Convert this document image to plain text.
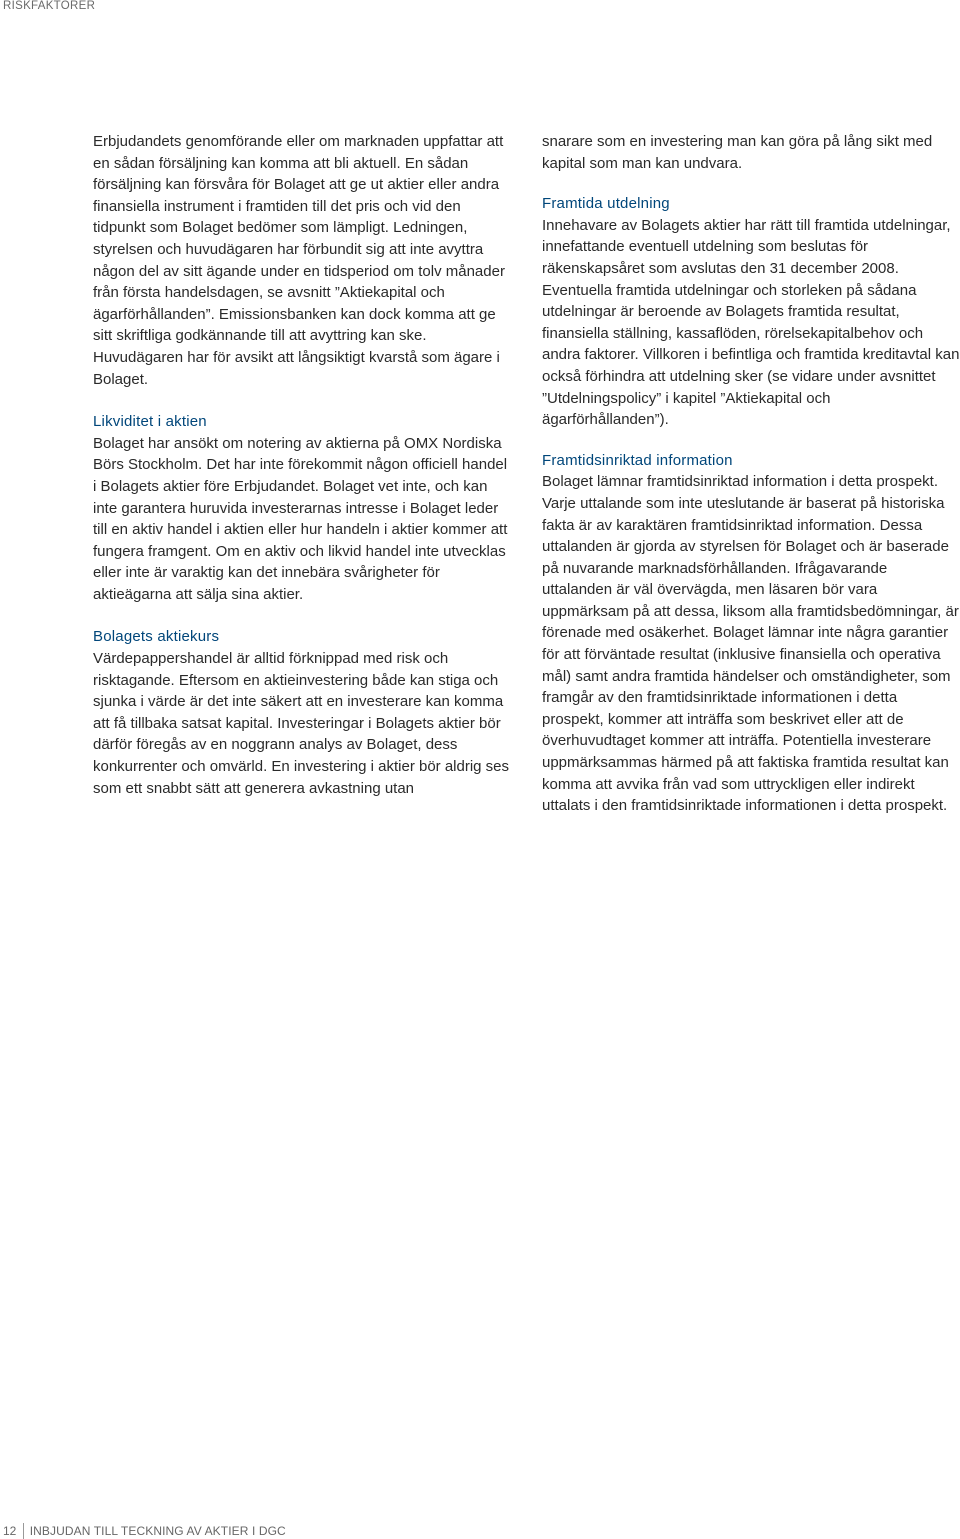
RISKFAKTORER

Erbjudandets genomförande eller om marknaden uppfattar att en sådan försäljning kan komma att bli aktuell. En sådan försäljning kan försvåra för Bolaget att ge ut aktier eller andra finansiella instrument i framtiden till det pris och vid den tidpunkt som Bolaget bedömer som lämpligt. Ledningen, styrelsen och huvudägaren har förbundit sig att inte avyttra någon del av sitt ägande under en tidsperiod om tolv månader från första handelsdagen, se avsnitt ”Aktiekapital och ägarförhållanden”. Emissionsbanken kan dock komma att ge sitt skriftliga godkännande till att avyttring kan ske. Huvudägaren har för avsikt att långsiktigt kvarstå som ägare i Bolaget.

Likviditet i aktien

Bolaget har ansökt om notering av aktierna på OMX Nordiska Börs Stockholm. Det har inte förekommit någon officiell handel i Bolagets aktier före Erbjudandet. Bolaget vet inte, och kan inte garantera huruvida investerarnas intresse i Bolaget leder till en aktiv handel i aktien eller hur handeln i aktier kommer att fungera framgent. Om en aktiv och likvid handel inte utvecklas eller inte är varaktig kan det innebära svårigheter för aktieägarna att sälja sina aktier.

Bolagets aktiekurs

Värdepappershandel är alltid förknippad med risk och risktagande. Eftersom en aktieinvestering både kan stiga och sjunka i värde är det inte säkert att en investerare kan komma att få tillbaka satsat kapital. Investeringar i Bolagets aktier bör därför föregås av en noggrann analys av Bolaget, dess konkurrenter och omvärld. En investering i aktier bör aldrig ses som ett snabbt sätt att generera avkastning utan

snarare som en investering man kan göra på lång sikt med kapital som man kan undvara.

Framtida utdelning

Innehavare av Bolagets aktier har rätt till framtida utdelningar, innefattande eventuell utdelning som beslutas för räkenskapsåret som avslutas den 31 december 2008. Eventuella framtida utdelningar och storleken på sådana utdelningar är beroende av Bolagets framtida resultat, finansiella ställning, kassaflöden, rörelsekapitalbehov och andra faktorer. Villkoren i befintliga och framtida kreditavtal kan också förhindra att utdelning sker (se vidare under avsnittet ”Utdelningspolicy” i kapitel ”Aktiekapital och ägarförhållanden”).

Framtidsinriktad information

Bolaget lämnar framtidsinriktad information i detta prospekt. Varje uttalande som inte uteslutande är baserat på historiska fakta är av karaktären framtidsinriktad information. Dessa uttalanden är gjorda av styrelsen för Bolaget och är baserade på nuvarande marknadsförhållanden. Ifrågavarande uttalanden är väl övervägda, men läsaren bör vara uppmärksam på att dessa, liksom alla framtidsbedömningar, är förenade med osäkerhet. Bolaget lämnar inte några garantier för att förväntade resultat (inklusive finansiella och operativa mål) samt andra framtida händelser och omständigheter, som framgår av den framtidsinriktade informationen i detta prospekt, kommer att inträffa som beskrivet eller att de överhuvudtaget kommer att inträffa. Potentiella investerare uppmärksammas härmed på att faktiska framtida resultat kan komma att avvika från vad som uttryckligen eller indirekt uttalats i den framtidsinriktade informationen i detta prospekt.

12 INBJUDAN TILL TECKNING AV AKTIER I DGC
